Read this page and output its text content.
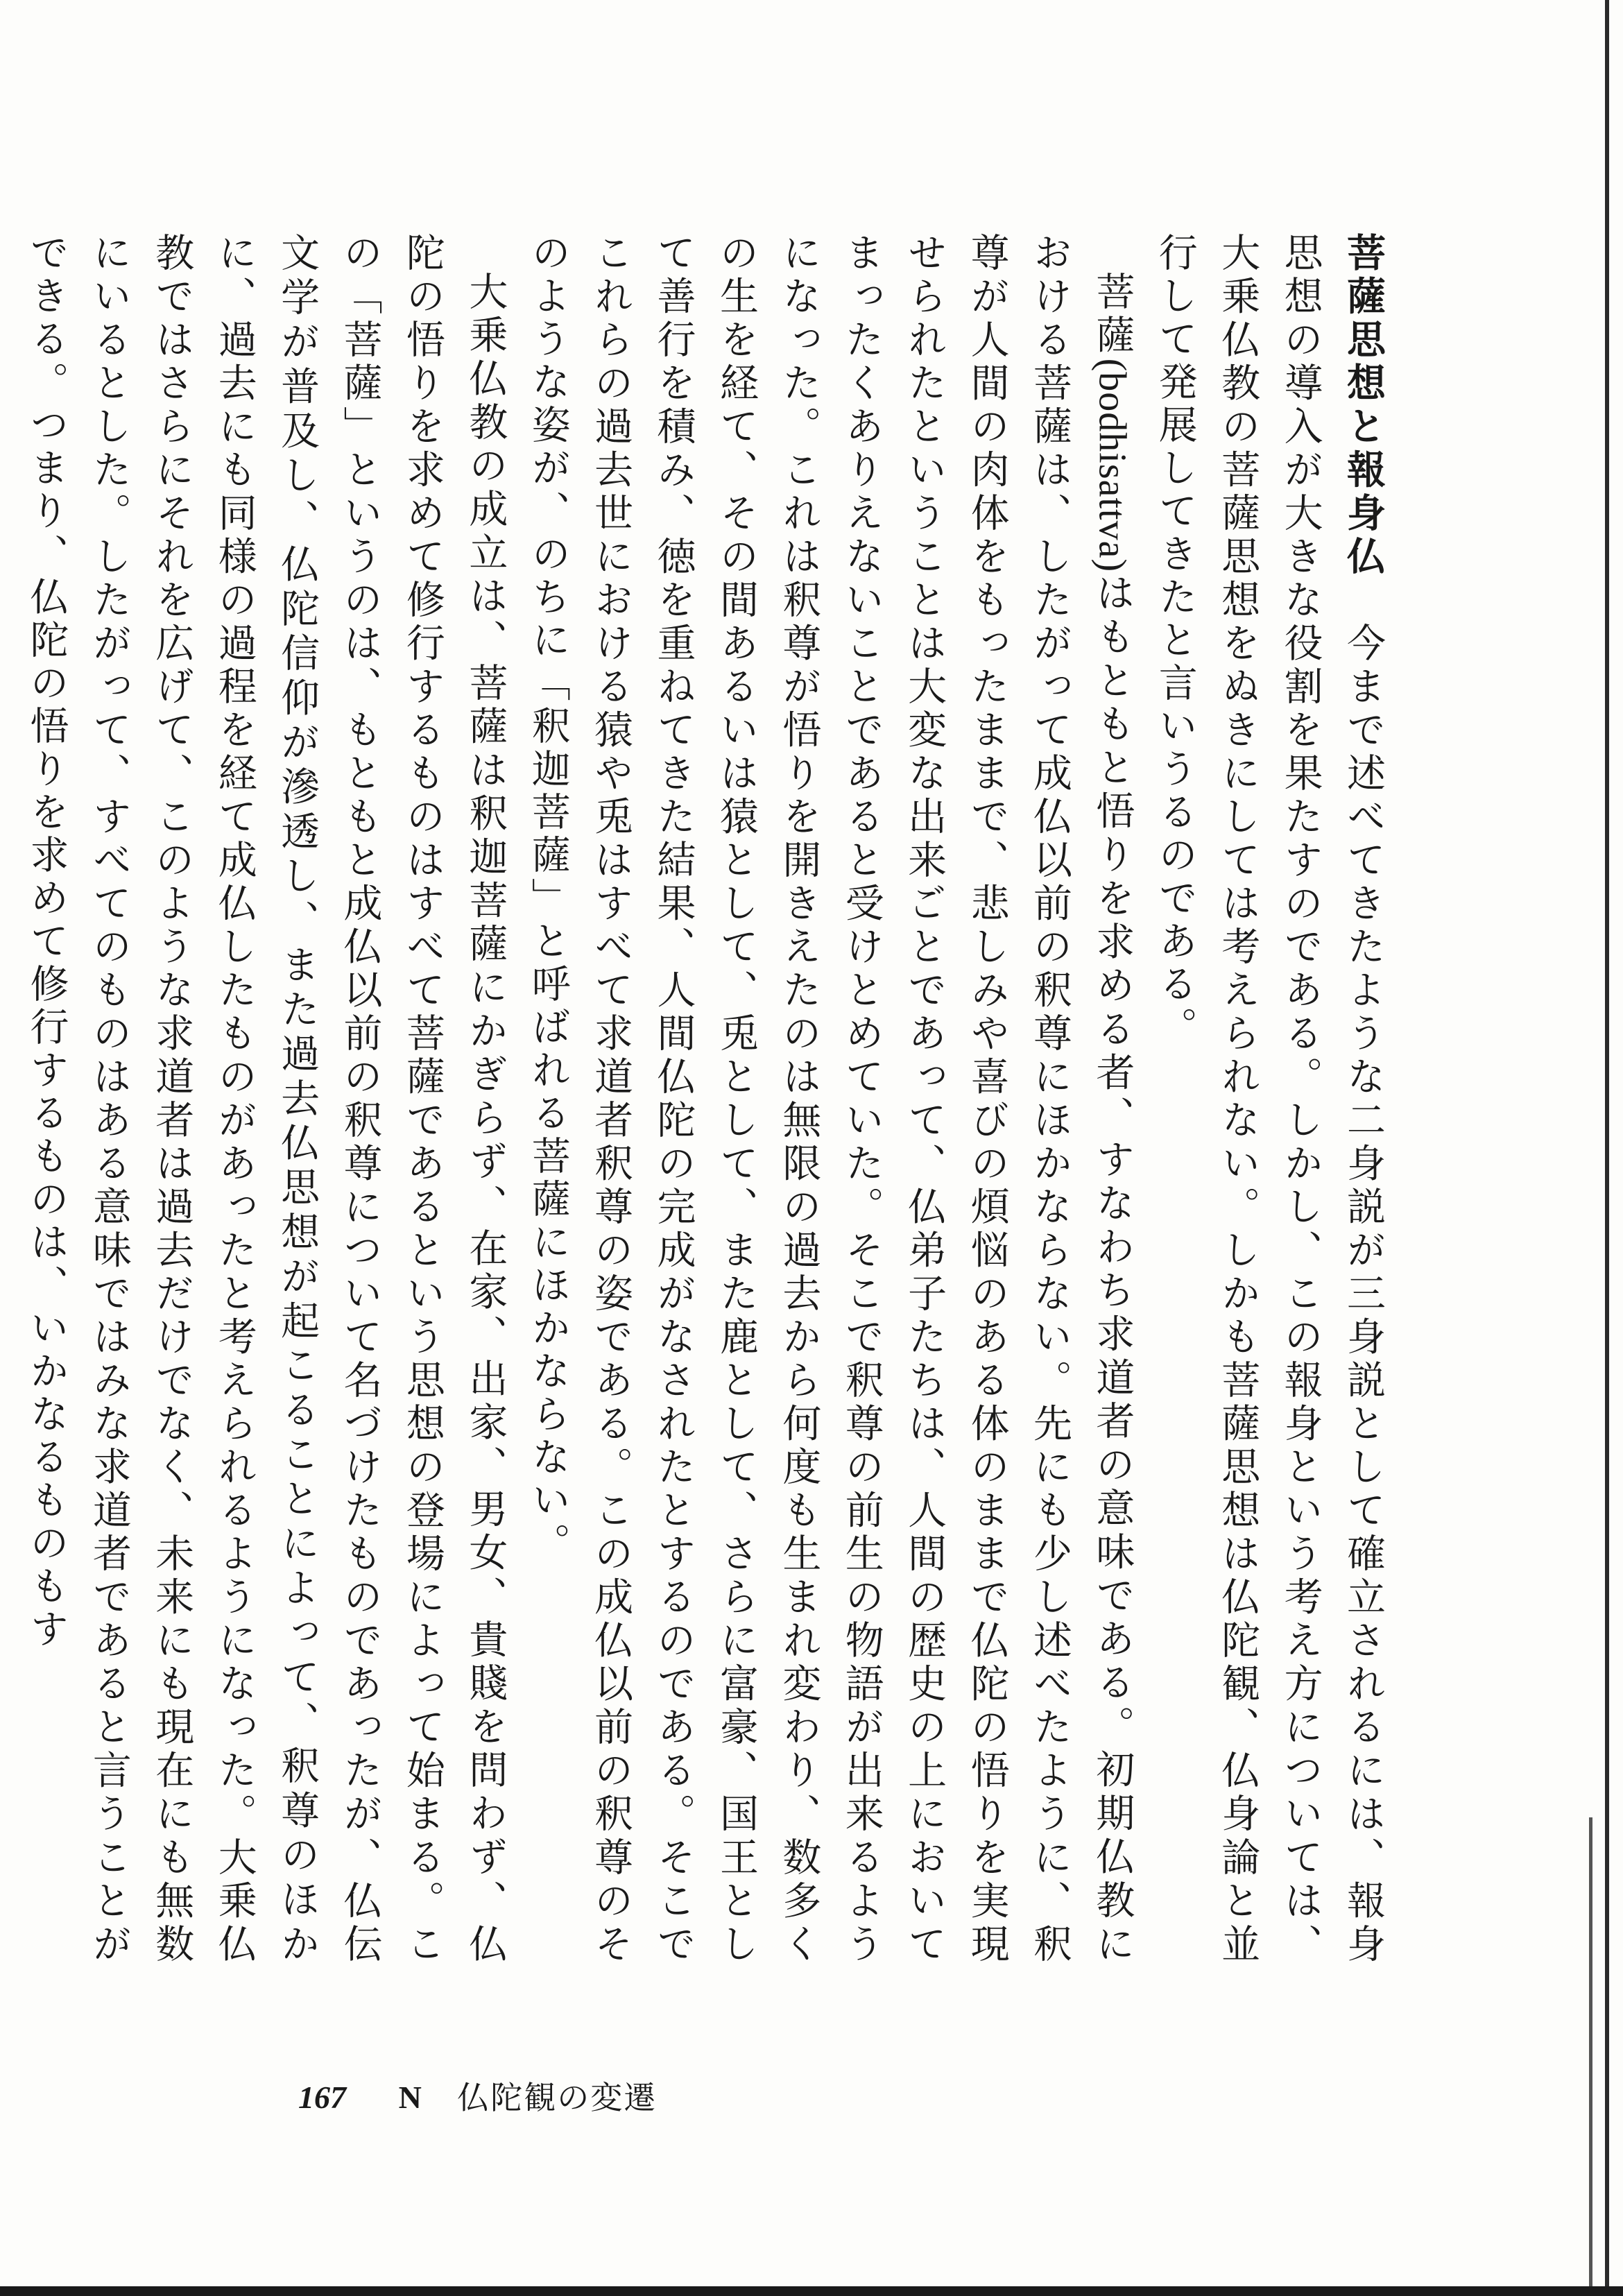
菩薩思想と報身仏　今まで述べてきたような二身説が三身説として確立されるには、報身思想の導入が大きな役割を果たすのである。しかし、この報身という考え方については、大乗仏教の菩薩思想をぬきにしては考えられない。しかも菩薩思想は仏陀観、仏身論と並行して発展してきたと言いうるのである。

菩薩(bodhisattva)はもともと悟りを求める者、すなわち求道者の意味である。初期仏教における菩薩は、したがって成仏以前の釈尊にほかならない。先にも少し述べたように、釈尊が人間の肉体をもったままで、悲しみや喜びの煩悩のある体のままで仏陀の悟りを実現せられたということは大変な出来ごとであって、仏弟子たちは、人間の歴史の上においてまったくありえないことであると受けとめていた。そこで釈尊の前生の物語が出来るようになった。これは釈尊が悟りを開きえたのは無限の過去から何度も生まれ変わり、数多くの生を経て、その間あるいは猿として、兎として、また鹿として、さらに富豪、国王として善行を積み、徳を重ねてきた結果、人間仏陀の完成がなされたとするのである。そこでこれらの過去世における猿や兎はすべて求道者釈尊の姿である。この成仏以前の釈尊のそのような姿が、のちに「釈迦菩薩」と呼ばれる菩薩にほかならない。

大乗仏教の成立は、菩薩は釈迦菩薩にかぎらず、在家、出家、男女、貴賤を問わず、仏陀の悟りを求めて修行するものはすべて菩薩であるという思想の登場によって始まる。この「菩薩」というのは、もともと成仏以前の釈尊について名づけたものであったが、仏伝文学が普及し、仏陀信仰が滲透し、また過去仏思想が起こることによって、釈尊のほかに、過去にも同様の過程を経て成仏したものがあったと考えられるようになった。大乗仏教ではさらにそれを広げて、このような求道者は過去だけでなく、未来にも現在にも無数にいるとした。したがって、すべてのものはある意味ではみな求道者であると言うことができる。つまり、仏陀の悟りを求めて修行するものは、いかなるものもす

167 N 仏陀観の変遷
